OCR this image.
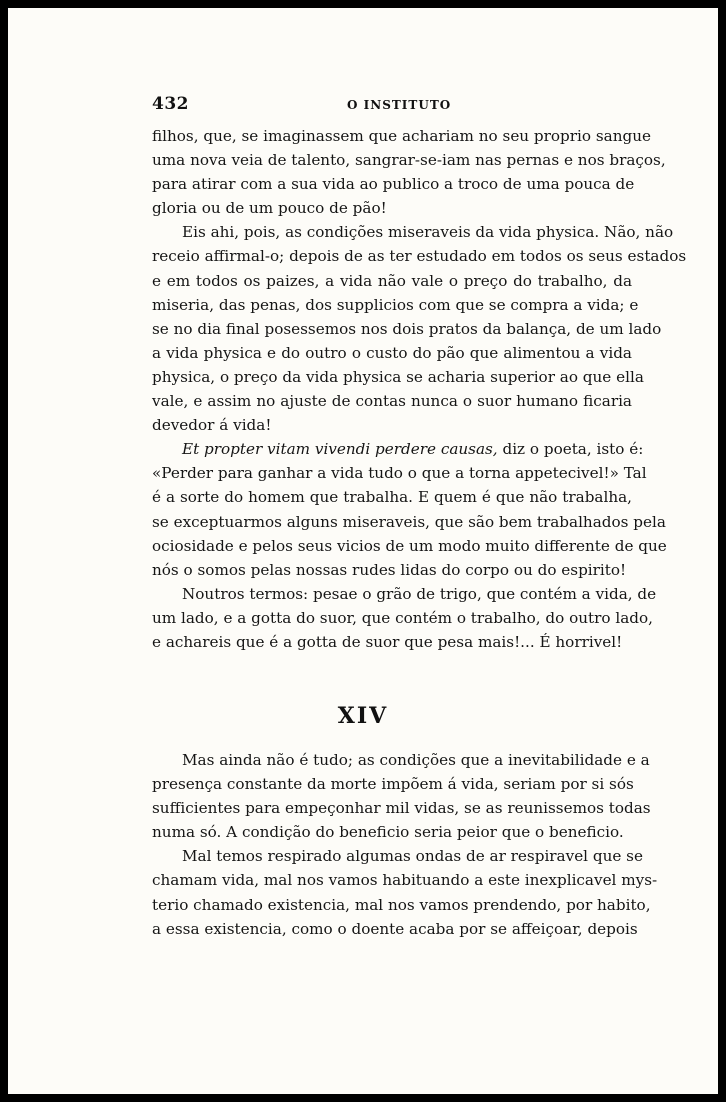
432	O INSTITUTO
filhos, que, se imaginassem que achariam no seu proprio sangue
uma nova veia de talento, sangrar-se-iam nas pernas e nos braços,
para atirar com a sua vida ao publico a troco de uma pouca de
gloria ou de um pouco de pão!
Eis ahi, pois, as condições miseraveis da vida physica. Não, não
receio affirmal-o; depois de as ter estudado em todos os seus estados
e em todos os paizes, a vida não vale o preço do trabalho, da
miseria, das penas, dos supplicios com que se compra a vida; e
se no dia final posessemos nos dois pratos da balança, de um lado
a vida physica e do outro o custo do pão que alimentou a vida
physica, o preço da vida physica se acharia superior ao que ella
vale, e assim no ajuste de contas nunca o suor humano ficaria
devedor á vida!
Et propter vitam vivendi perdere causas, diz o poeta, isto é:
«Perder para ganhar a vida tudo o que a torna appetecivel!» Tal
é a sorte do homem que trabalha. E quem é que não trabalha,
se exceptuarmos alguns miseraveis, que são bem trabalhados pela
ociosidade e pelos seus vicios de um modo muito differente de que
nós o somos pelas nossas rudes lidas do corpo ou do espirito!
Noutros termos: pesae o grão de trigo, que contém a vida, de
um lado, e a gotta do suor, que contém o trabalho, do outro lado,
e achareis que é a gotta de suor que pesa mais!... É horrivel!
XIV
Mas ainda não é tudo; as condições que a inevitabilidade e a
presença constante da morte impõem á vida, seriam por si sós
sufficientes para empeçonhar mil vidas, se as reunissemos todas
numa só. A condição do beneficio seria peior que o beneficio.
Mal temos respirado algumas ondas de ar respiravel que se
chamam vida, mal nos vamos habituando a este inexplicavel mys-
terio chamado existencia, mal nos vamos prendendo, por habito,
a essa existencia, como o doente acaba por se affeiçoar, depois
